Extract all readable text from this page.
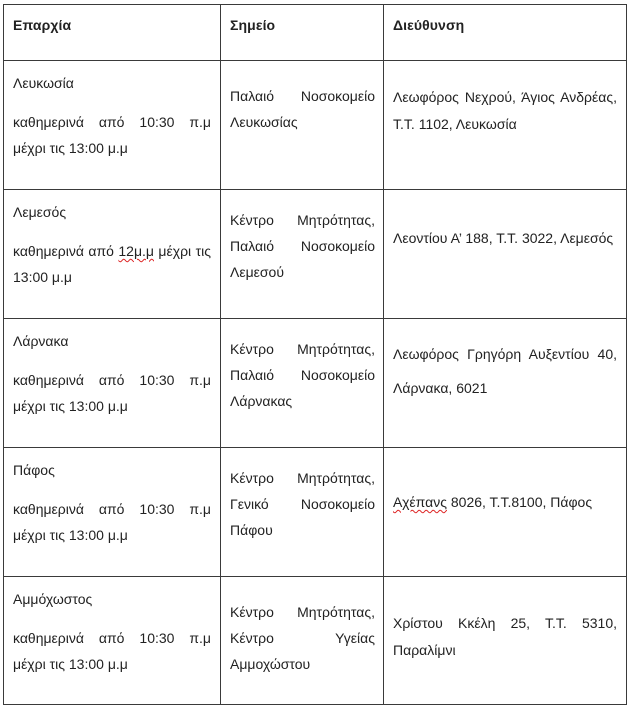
Επαρχία	Σημείο	Διεύθυνση

Λευκωσία
καθημερινά από 10:30 π.μ μέχρι τις 13:00 μ.μ	Παλαιό Νοσοκομείο Λευκωσίας	Λεωφόρος Νεχρού, Άγιος Ανδρέας, Τ.Τ. 1102, Λευκωσία

Λεμεσός
καθημερινά από 12μ.μ μέχρι τις 13:00 μ.μ	Κέντρο Μητρότητας, Παλαιό Νοσοκομείο Λεμεσού	Λεοντίου Α’ 188, Τ.Τ. 3022, Λεμεσός

Λάρνακα
καθημερινά από 10:30 π.μ μέχρι τις 13:00 μ.μ	Κέντρο Μητρότητας, Παλαιό Νοσοκομείο Λάρνακας	Λεωφόρος Γρηγόρη Αυξεντίου 40, Λάρνακα, 6021

Πάφος
καθημερινά από 10:30 π.μ μέχρι τις 13:00 μ.μ	Κέντρο Μητρότητας, Γενικό Νοσοκομείο Πάφου	Αχέπανς 8026, Τ.Τ.8100, Πάφος

Αμμόχωστος
καθημερινά από 10:30 π.μ μέχρι τις 13:00 μ.μ	Κέντρο Μητρότητας, Κέντρο Υγείας Αμμοχώστου	Χρίστου Κκέλη 25, Τ.Τ. 5310, Παραλίμνι
